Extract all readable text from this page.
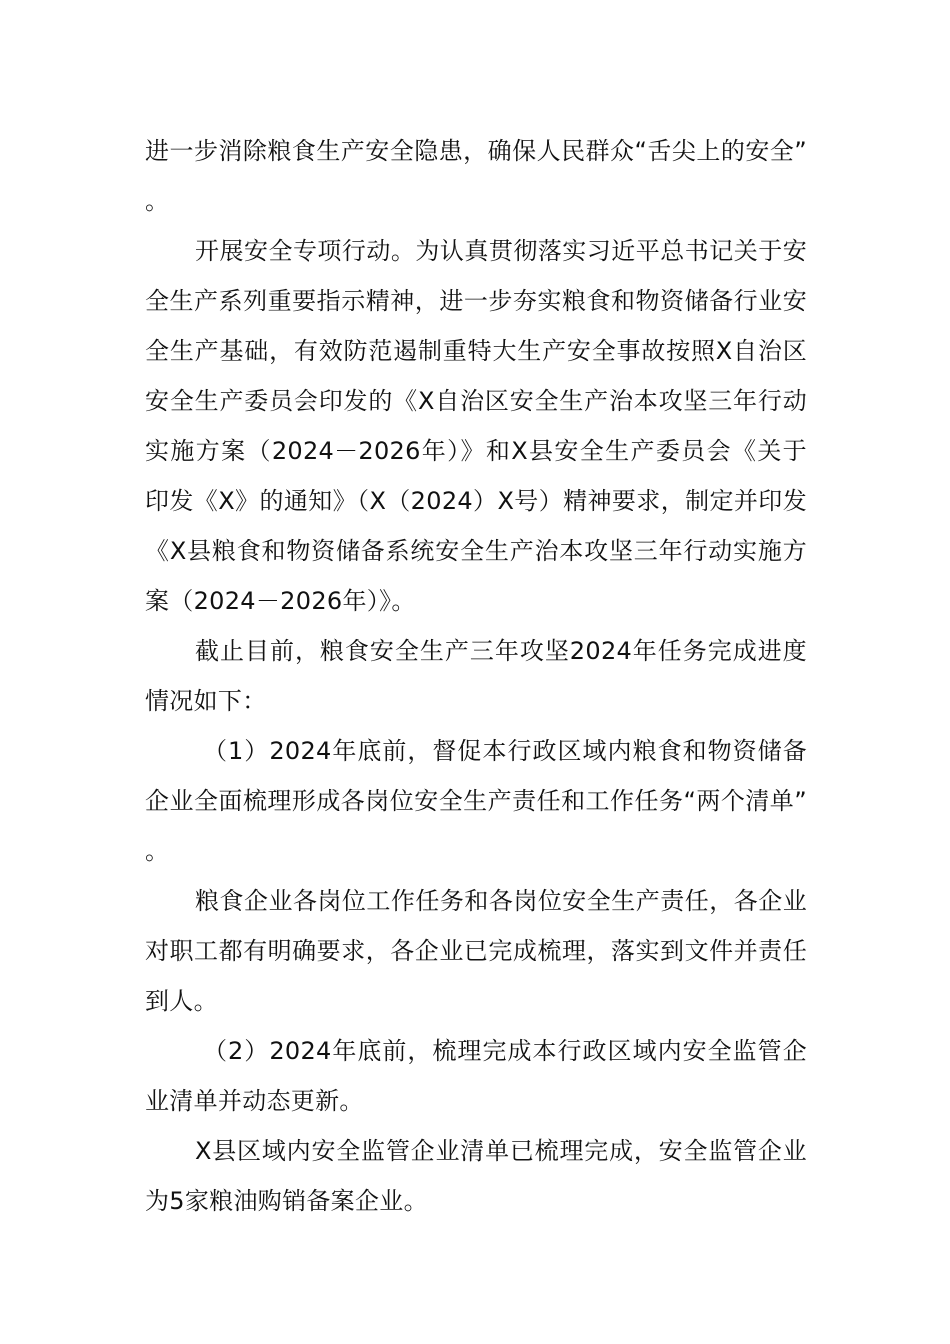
进一步消除粮食生产安全隐患，确保人民群众“舌尖上的安全”。

开展安全专项行动。为认真贯彻落实习近平总书记关于安全生产系列重要指示精神，进一步夯实粮食和物资储备行业安全生产基础，有效防范遏制重特大生产安全事故按照X自治区安全生产委员会印发的《X自治区安全生产治本攻坚三年行动实施方案（2024－2026年）》和X县安全生产委员会《关于印发《X》的通知》（X（2024）X号）精神要求，制定并印发《X县粮食和物资储备系统安全生产治本攻坚三年行动实施方案（2024－2026年）》。

截止目前，粮食安全生产三年攻坚2024年任务完成进度情况如下：

（1）2024年底前，督促本行政区域内粮食和物资储备企业全面梳理形成各岗位安全生产责任和工作任务“两个清单”。

粮食企业各岗位工作任务和各岗位安全生产责任，各企业对职工都有明确要求，各企业已完成梳理，落实到文件并责任到人。

（2）2024年底前，梳理完成本行政区域内安全监管企业清单并动态更新。

X县区域内安全监管企业清单已梳理完成，安全监管企业为5家粮油购销备案企业。
